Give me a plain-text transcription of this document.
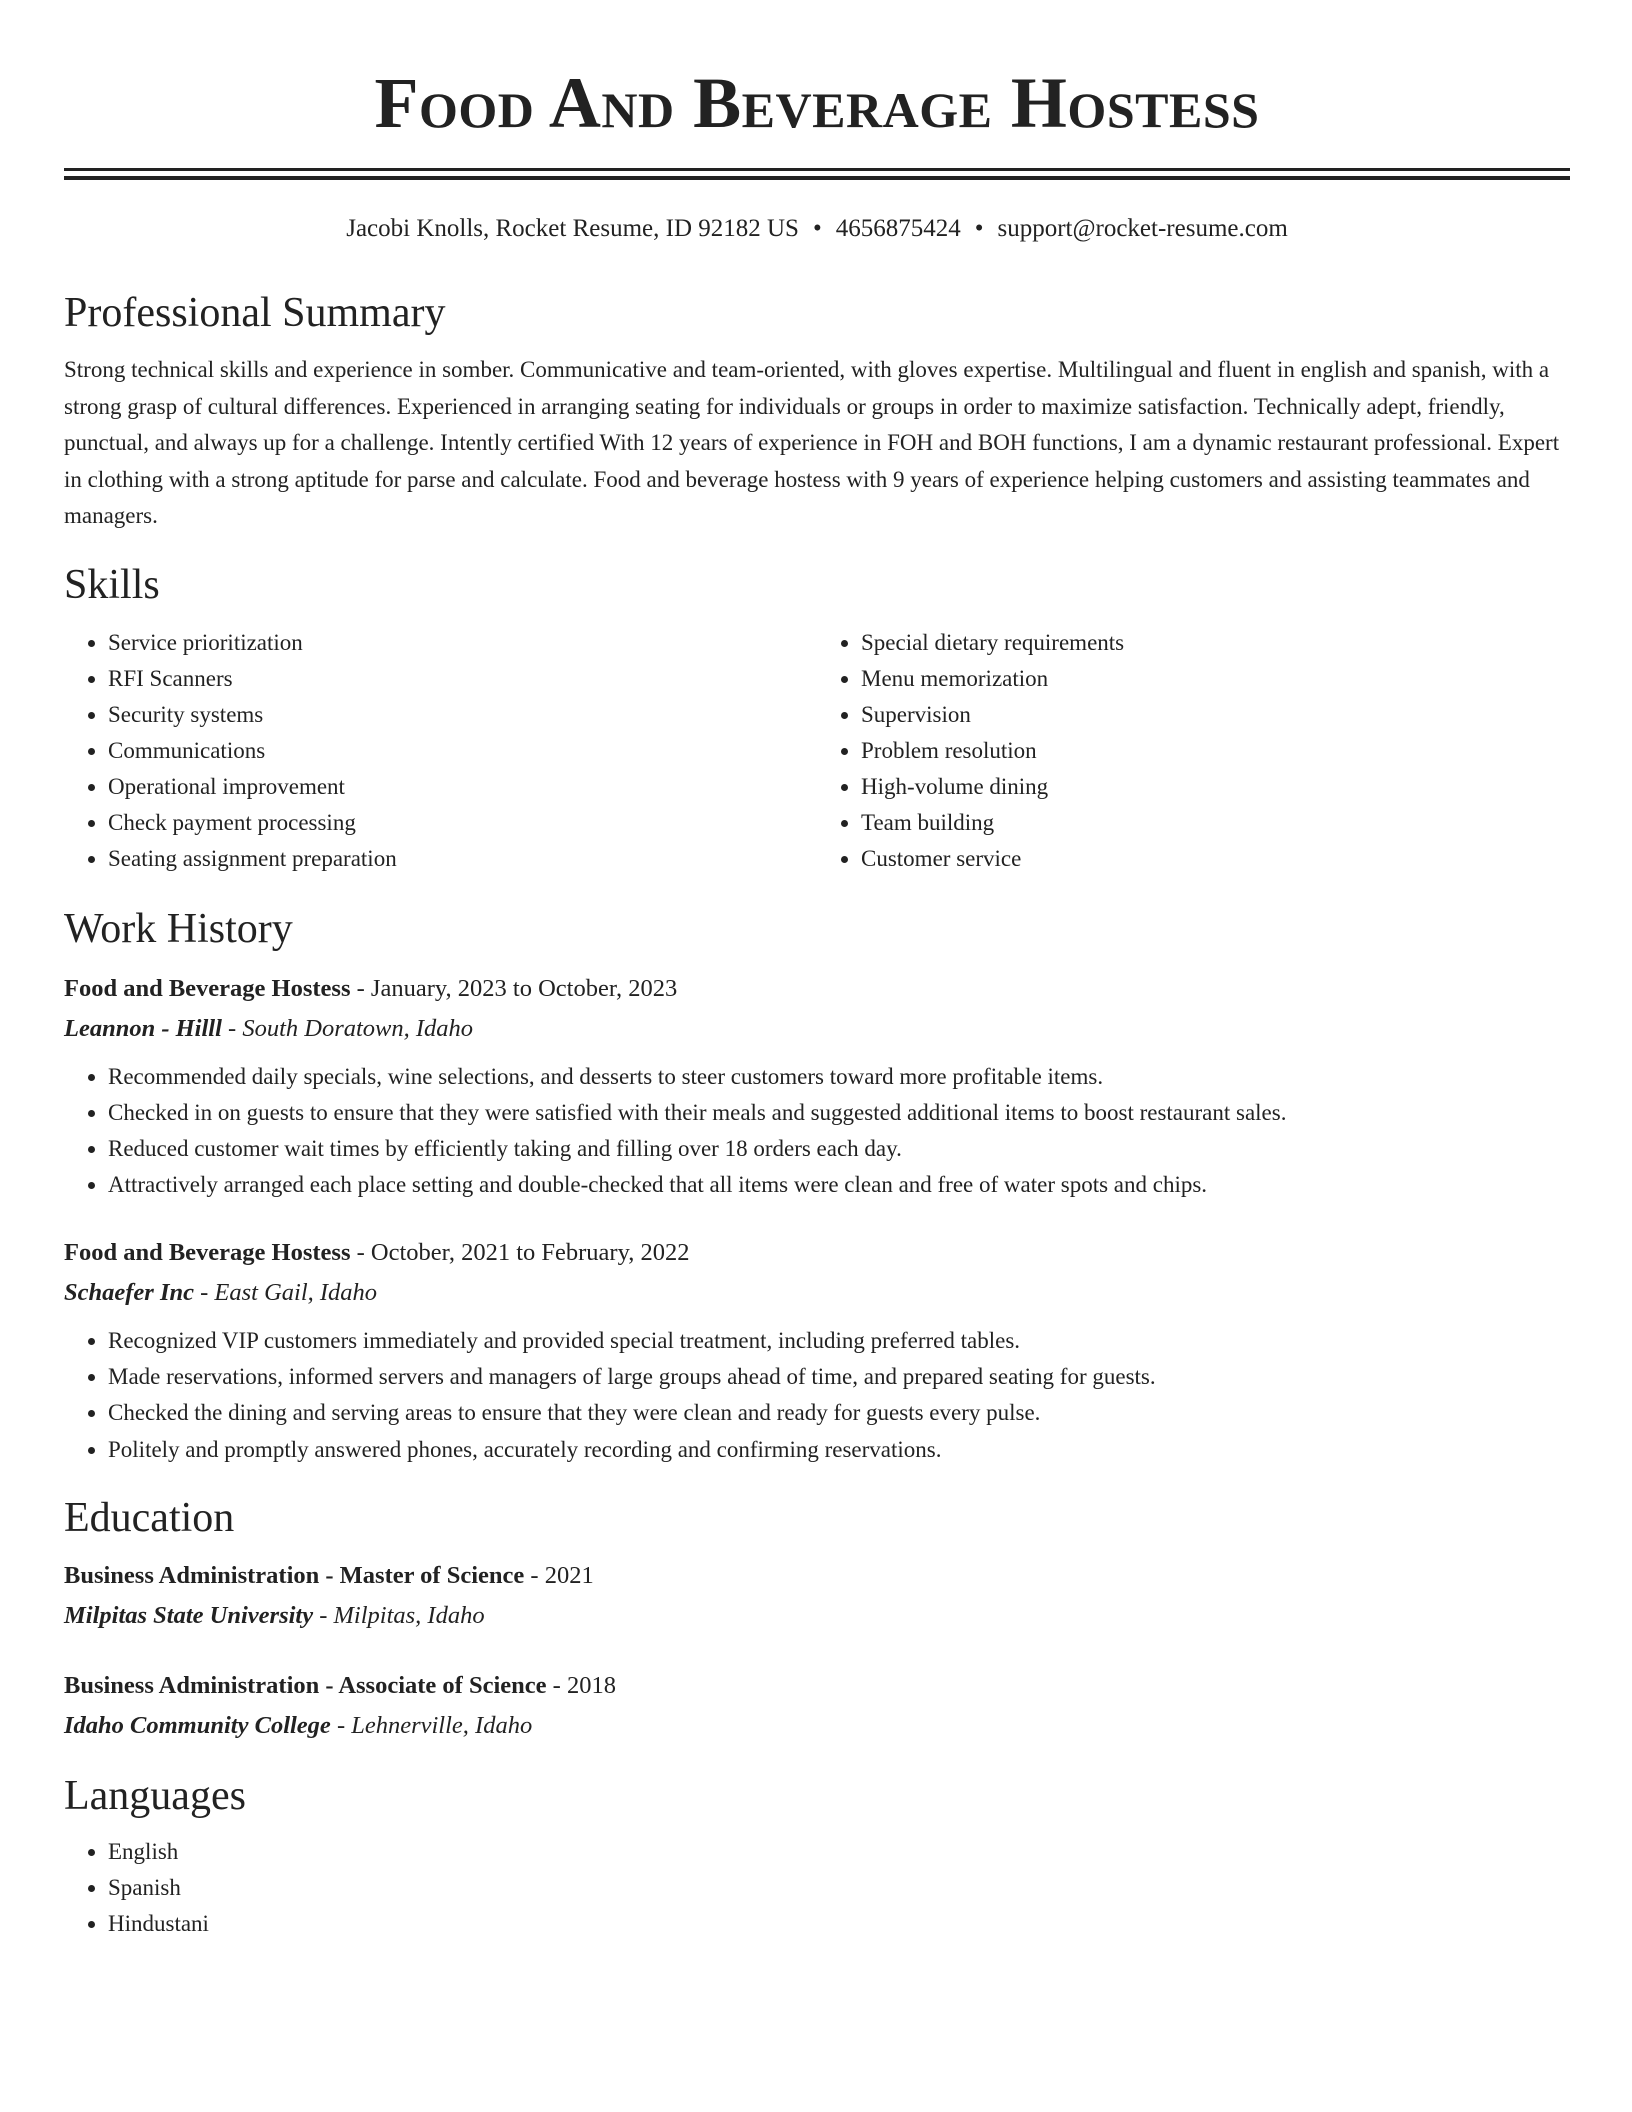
Food And Beverage Hostess
Jacobi Knolls, Rocket Resume, ID 92182 US • 4656875424 • support@rocket-resume.com
Professional Summary

Strong technical skills and experience in somber. Communicative and team-oriented, with gloves expertise. Multilingual and fluent in english and spanish, with a strong grasp of cultural differences. Experienced in arranging seating for individuals or groups in order to maximize satisfaction. Technically adept, friendly, punctual, and always up for a challenge. Intently certified With 12 years of experience in FOH and BOH functions, I am a dynamic restaurant professional. Expert in clothing with a strong aptitude for parse and calculate. Food and beverage hostess with 9 years of experience helping customers and assisting teammates and managers.

Skills
• Service prioritization
• RFI Scanners
• Security systems
• Communications
• Operational improvement
• Check payment processing
• Seating assignment preparation
• Special dietary requirements
• Menu memorization
• Supervision
• Problem resolution
• High-volume dining
• Team building
• Customer service
Work History
Food and Beverage Hostess - January, 2023 to October, 2023
Leannon - Hilll - South Doratown, Idaho
• Recommended daily specials, wine selections, and desserts to steer customers toward more profitable items.
• Checked in on guests to ensure that they were satisfied with their meals and suggested additional items to boost restaurant sales.
• Reduced customer wait times by efficiently taking and filling over 18 orders each day.
• Attractively arranged each place setting and double-checked that all items were clean and free of water spots and chips.
Food and Beverage Hostess - October, 2021 to February, 2022
Schaefer Inc - East Gail, Idaho
• Recognized VIP customers immediately and provided special treatment, including preferred tables.
• Made reservations, informed servers and managers of large groups ahead of time, and prepared seating for guests.
• Checked the dining and serving areas to ensure that they were clean and ready for guests every pulse.
• Politely and promptly answered phones, accurately recording and confirming reservations.
Education
Business Administration - Master of Science - 2021
Milpitas State University - Milpitas, Idaho
Business Administration - Associate of Science - 2018
Idaho Community College - Lehnerville, Idaho
Languages
• English
• Spanish
• Hindustani
